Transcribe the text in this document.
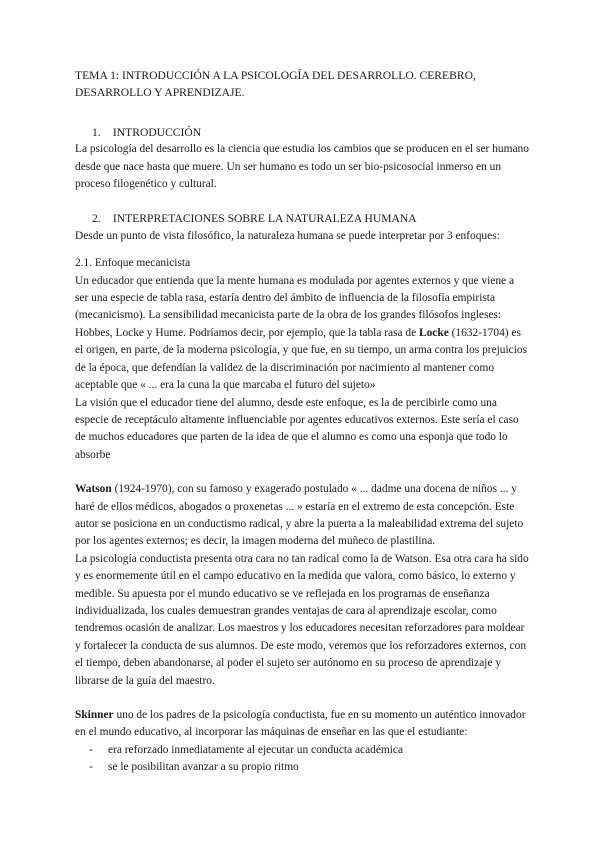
TEMA 1: INTRODUCCIÓN A LA PSICOLOGÍA DEL DESARROLLO. CEREBRO, DESARROLLO Y APRENDIZAJE.
1. INTRODUCCIÓN

La psicología del desarrollo es la ciencia que estudia los cambios que se producen en el ser humano desde que nace hasta que muere. Un ser humano es todo un ser bio-psicosocial inmerso en un proceso filogenético y cultural.

2. INTERPRETACIONES SOBRE LA NATURALEZA HUMANA

Desde un punto de vista filosófico, la naturaleza humana se puede interpretar por 3 enfoques:

2.1. Enfoque mecanicista

Un educador que entienda que la mente humana es modulada por agentes externos y que viene a ser una especie de tabla rasa, estaría dentro del ámbito de influencia de la filosofía empirista (mecanicismo). La sensibilidad mecanicista parte de la obra de los grandes filósofos ingleses: Hobbes, Locke y Hume. Podríamos decir, por ejemplo, que la tabla rasa de Locke (1632-1704) es el origen, en parte, de la moderna psicología, y que fue, en su tiempo, un arma contra los prejuicios de la época, que defendían la validez de la discriminación por nacimiento al mantener como aceptable que « ... era la cuna la que marcaba el futuro del sujeto»

La visión que el educador tiene del alumno, desde este enfoque, es la de percibirle como una especie de receptáculo altamente influenciable por agentes educativos externos. Este sería el caso de muchos educadores que parten de la idea de que el alumno es como una esponja que todo lo absorbe

Watson (1924-1970), con su famoso y exagerado postulado « ... dadme una docena de niños ... y haré de ellos médicos, abogados o proxenetas ... » estaría en el extremo de esta concepción. Este autor se posiciona en un conductismo radical, y abre la puerta a la maleabilidad extrema del sujeto por los agentes externos; es decir, la imagen moderna del muñeco de plastilina.

La psicología conductista presenta otra cara no tan radical como la de Watson. Esa otra cara ha sido y es enormemente útil en el campo educativo en la medida que valora, como básico, lo externo y medible. Su apuesta por el mundo educativo se ve reflejada en los programas de enseñanza individualizada, los cuales demuestran grandes ventajas de cara al aprendizaje escolar, como tendremos ocasión de analizar. Los maestros y los educadores necesitan reforzadores para moldear y fortalecer la conducta de sus alumnos. De este modo, veremos que los reforzadores externos, con el tiempo, deben abandonarse, al poder el sujeto ser autónomo en su proceso de aprendizaje y librarse de la guía del maestro.

Skinner uno de los padres de la psicología conductista, fue en su momento un auténtico innovador en el mundo educativo, al incorporar las máquinas de enseñar en las que el estudiante:

- era reforzado inmediatamente al ejecutar un conducta académica
- se le posibilitan avanzar a su propio ritmo
